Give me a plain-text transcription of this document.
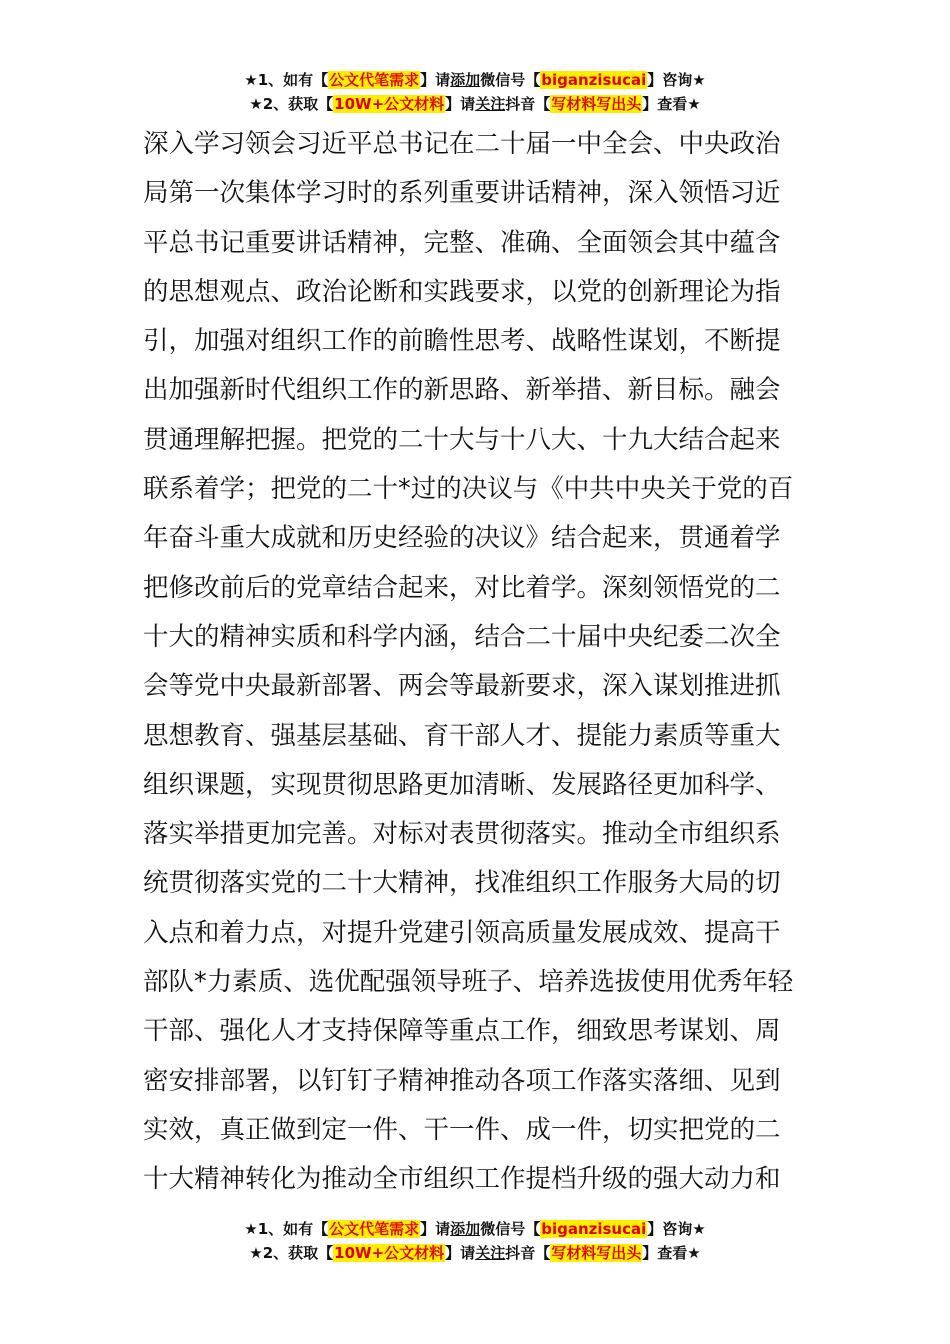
★1、如有【公文代笔需求】请添加微信号【biganzisucai】咨询★
★2、获取【10W+公文材料】请关注抖音【写材料写出头】查看★
深入学习领会习近平总书记在二十届一中全会、中央政治
局第一次集体学习时的系列重要讲话精神，深入领悟习近
平总书记重要讲话精神，完整、准确、全面领会其中蕴含
的思想观点、政治论断和实践要求，以党的创新理论为指
引，加强对组织工作的前瞻性思考、战略性谋划，不断提
出加强新时代组织工作的新思路、新举措、新目标。融会
贯通理解把握。把党的二十大与十八大、十九大结合起来
联系着学；把党的二十*过的决议与《中共中央关于党的百
年奋斗重大成就和历史经验的决议》结合起来，贯通着学
把修改前后的党章结合起来，对比着学。深刻领悟党的二
十大的精神实质和科学内涵，结合二十届中央纪委二次全
会等党中央最新部署、两会等最新要求，深入谋划推进抓
思想教育、强基层基础、育干部人才、提能力素质等重大
组织课题，实现贯彻思路更加清晰、发展路径更加科学、
落实举措更加完善。对标对表贯彻落实。推动全市组织系
统贯彻落实党的二十大精神，找准组织工作服务大局的切
入点和着力点，对提升党建引领高质量发展成效、提高干
部队*力素质、选优配强领导班子、培养选拔使用优秀年轻
干部、强化人才支持保障等重点工作，细致思考谋划、周
密安排部署，以钉钉子精神推动各项工作落实落细、见到
实效，真正做到定一件、干一件、成一件，切实把党的二
十大精神转化为推动全市组织工作提档升级的强大动力和
★1、如有【公文代笔需求】请添加微信号【biganzisucai】咨询★
★2、获取【10W+公文材料】请关注抖音【写材料写出头】查看★
